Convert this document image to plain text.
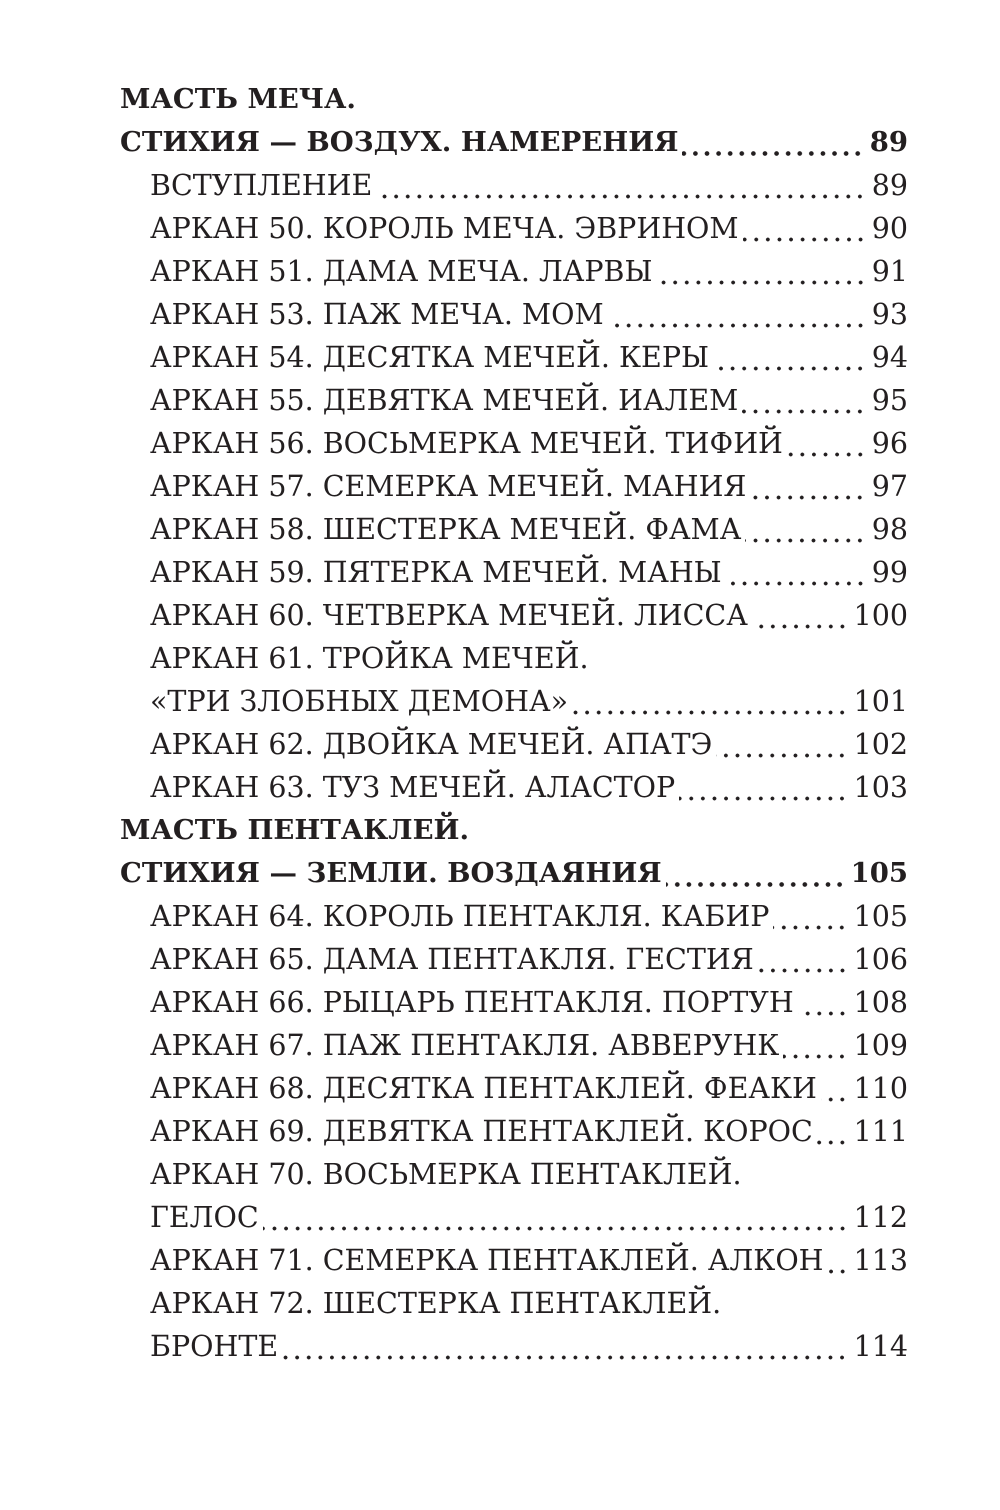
МАСТЬ МЕЧА.
СТИХИЯ — ВОЗДУХ. НАМЕРЕНИЯ	89
ВСТУПЛЕНИЕ	89
АРКАН 50. КОРОЛЬ МЕЧА. ЭВРИНОМ	90
АРКАН 51. ДАМА МЕЧА. ЛАРВЫ	91
АРКАН 53. ПАЖ МЕЧА. МОМ	93
АРКАН 54. ДЕСЯТКА МЕЧЕЙ. КЕРЫ	94
АРКАН 55. ДЕВЯТКА МЕЧЕЙ. ИАЛЕМ	95
АРКАН 56. ВОСЬМЕРКА МЕЧЕЙ. ТИФИЙ	96
АРКАН 57. СЕМЕРКА МЕЧЕЙ. МАНИЯ	97
АРКАН 58. ШЕСТЕРКА МЕЧЕЙ. ФАМА	98
АРКАН 59. ПЯТЕРКА МЕЧЕЙ. МАНЫ	99
АРКАН 60. ЧЕТВЕРКА МЕЧЕЙ. ЛИССА	100
АРКАН 61. ТРОЙКА МЕЧЕЙ.
«ТРИ ЗЛОБНЫХ ДЕМОНА»	101
АРКАН 62. ДВОЙКА МЕЧЕЙ. АПАТЭ	102
АРКАН 63. ТУЗ МЕЧЕЙ. АЛАСТОР	103
МАСТЬ ПЕНТАКЛЕЙ.
СТИХИЯ — ЗЕМЛИ. ВОЗДАЯНИЯ	105
АРКАН 64. КОРОЛЬ ПЕНТАКЛЯ. КАБИР	105
АРКАН 65. ДАМА ПЕНТАКЛЯ. ГЕСТИЯ	106
АРКАН 66. РЫЦАРЬ ПЕНТАКЛЯ. ПОРТУН 108
АРКАН 67. ПАЖ ПЕНТАКЛЯ. АВВЕРУНК	109
АРКАН 68. ДЕСЯТКА ПЕНТАКЛЕЙ. ФЕАКИ 110
АРКАН 69. ДЕВЯТКА ПЕНТАКЛЕЙ. КОРОС 111
АРКАН 70. ВОСЬМЕРКА ПЕНТАКЛЕЙ.
ГЕЛОС	112
АРКАН 71. СЕМЕРКА ПЕНТАКЛЕЙ. АЛКОН 113
АРКАН 72. ШЕСТЕРКА ПЕНТАКЛЕЙ.
БРОНТЕ	114
